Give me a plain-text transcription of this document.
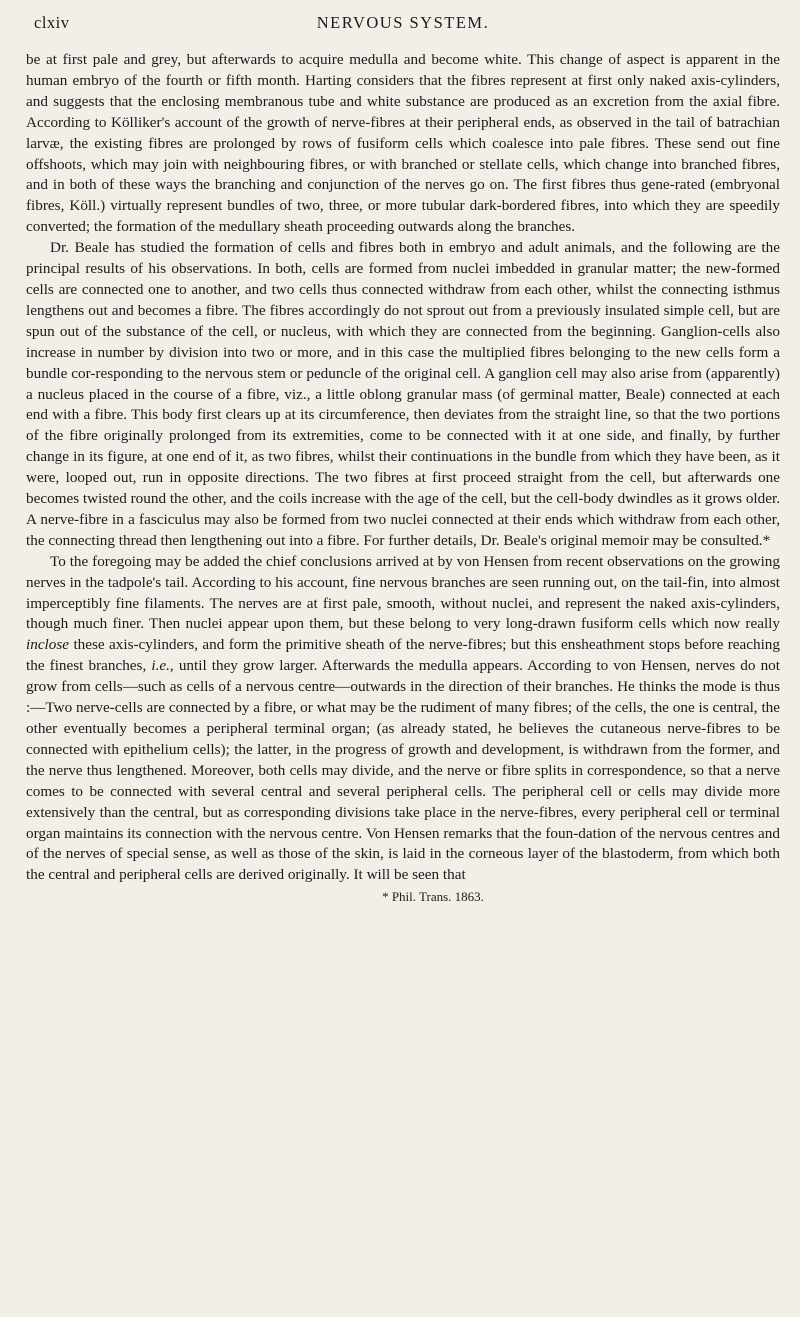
clxiv	NERVOUS SYSTEM.

be at first pale and grey, but afterwards to acquire medulla and become white. This change of aspect is apparent in the human embryo of the fourth or fifth month. Harting considers that the fibres represent at first only naked axis-cylinders, and suggests that the enclosing membranous tube and white substance are produced as an excretion from the axial fibre. According to Kölliker's account of the growth of nerve-fibres at their peripheral ends, as observed in the tail of batrachian larvæ, the existing fibres are prolonged by rows of fusiform cells which coalesce into pale fibres. These send out fine offshoots, which may join with neighbouring fibres, or with branched or stellate cells, which change into branched fibres, and in both of these ways the branching and conjunction of the nerves go on. The first fibres thus gene-rated (embryonal fibres, Köll.) virtually represent bundles of two, three, or more tubular dark-bordered fibres, into which they are speedily converted; the formation of the medullary sheath proceeding outwards along the branches.

Dr. Beale has studied the formation of cells and fibres both in embryo and adult animals, and the following are the principal results of his observations. In both, cells are formed from nuclei imbedded in granular matter; the new-formed cells are connected one to another, and two cells thus connected withdraw from each other, whilst the connecting isthmus lengthens out and becomes a fibre. The fibres accordingly do not sprout out from a previously insulated simple cell, but are spun out of the substance of the cell, or nucleus, with which they are connected from the beginning. Ganglion-cells also increase in number by division into two or more, and in this case the multiplied fibres belonging to the new cells form a bundle cor-responding to the nervous stem or peduncle of the original cell. A ganglion cell may also arise from (apparently) a nucleus placed in the course of a fibre, viz., a little oblong granular mass (of germinal matter, Beale) connected at each end with a fibre. This body first clears up at its circumference, then deviates from the straight line, so that the two portions of the fibre originally prolonged from its extremities, come to be connected with it at one side, and finally, by further change in its figure, at one end of it, as two fibres, whilst their continuations in the bundle from which they have been, as it were, looped out, run in opposite directions. The two fibres at first proceed straight from the cell, but afterwards one becomes twisted round the other, and the coils increase with the age of the cell, but the cell-body dwindles as it grows older. A nerve-fibre in a fasciculus may also be formed from two nuclei connected at their ends which withdraw from each other, the connecting thread then lengthening out into a fibre. For further details, Dr. Beale's original memoir may be consulted.*

To the foregoing may be added the chief conclusions arrived at by von Hensen from recent observations on the growing nerves in the tadpole's tail. According to his account, fine nervous branches are seen running out, on the tail-fin, into almost imperceptibly fine filaments. The nerves are at first pale, smooth, without nuclei, and represent the naked axis-cylinders, though much finer. Then nuclei appear upon them, but these belong to very long-drawn fusiform cells which now really inclose these axis-cylinders, and form the primitive sheath of the nerve-fibres; but this ensheathment stops before reaching the finest branches, i.e., until they grow larger. Afterwards the medulla appears. According to von Hensen, nerves do not grow from cells—such as cells of a nervous centre—outwards in the direction of their branches. He thinks the mode is thus :—Two nerve-cells are connected by a fibre, or what may be the rudiment of many fibres; of the cells, the one is central, the other eventually becomes a peripheral terminal organ; (as already stated, he believes the cutaneous nerve-fibres to be connected with epithelium cells); the latter, in the progress of growth and development, is withdrawn from the former, and the nerve thus lengthened. Moreover, both cells may divide, and the nerve or fibre splits in correspondence, so that a nerve comes to be connected with several central and several peripheral cells. The peripheral cell or cells may divide more extensively than the central, but as corresponding divisions take place in the nerve-fibres, every peripheral cell or terminal organ maintains its connection with the nervous centre. Von Hensen remarks that the foun-dation of the nervous centres and of the nerves of special sense, as well as those of the skin, is laid in the corneous layer of the blastoderm, from which both the central and peripheral cells are derived originally. It will be seen that

* Phil. Trans. 1863.
